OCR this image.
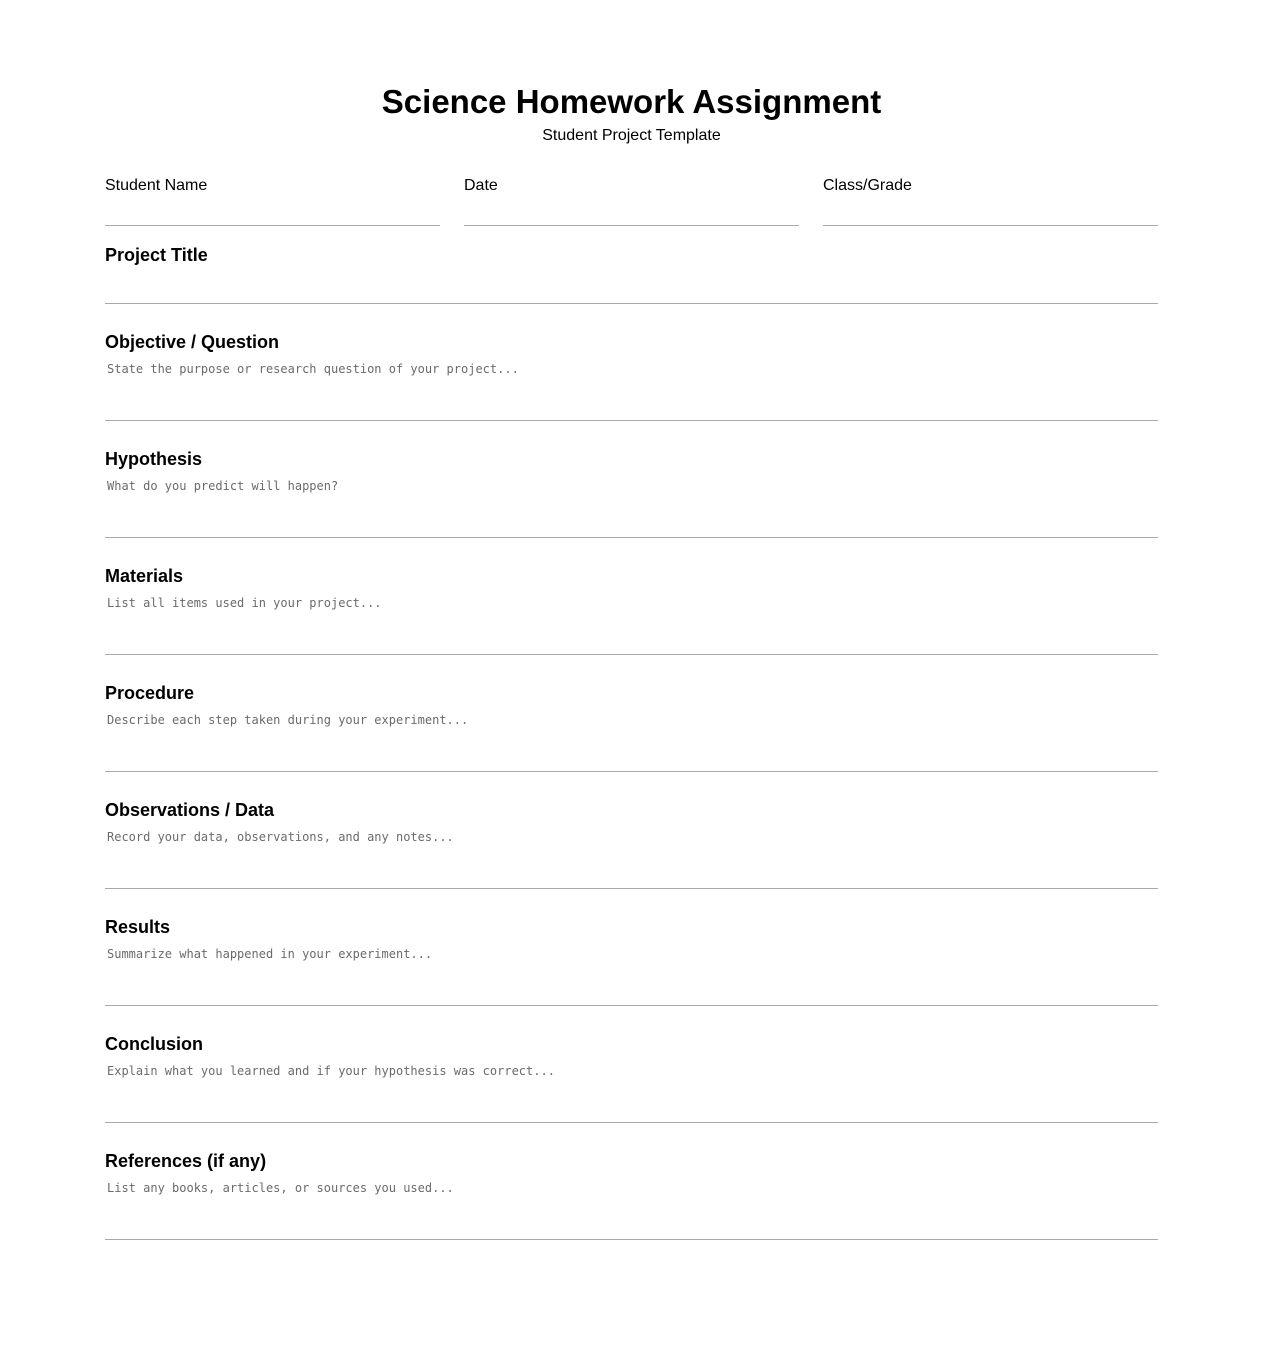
Science Homework Assignment
Student Project Template
Student Name	Date	Class/Grade
Project Title
Objective / Question
State the purpose or research question of your project...
Hypothesis
What do you predict will happen?
Materials
List all items used in your project...
Procedure
Describe each step taken during your experiment...
Observations / Data
Record your data, observations, and any notes...
Results
Summarize what happened in your experiment...
Conclusion
Explain what you learned and if your hypothesis was correct...
References (if any)
List any books, articles, or sources you used...
